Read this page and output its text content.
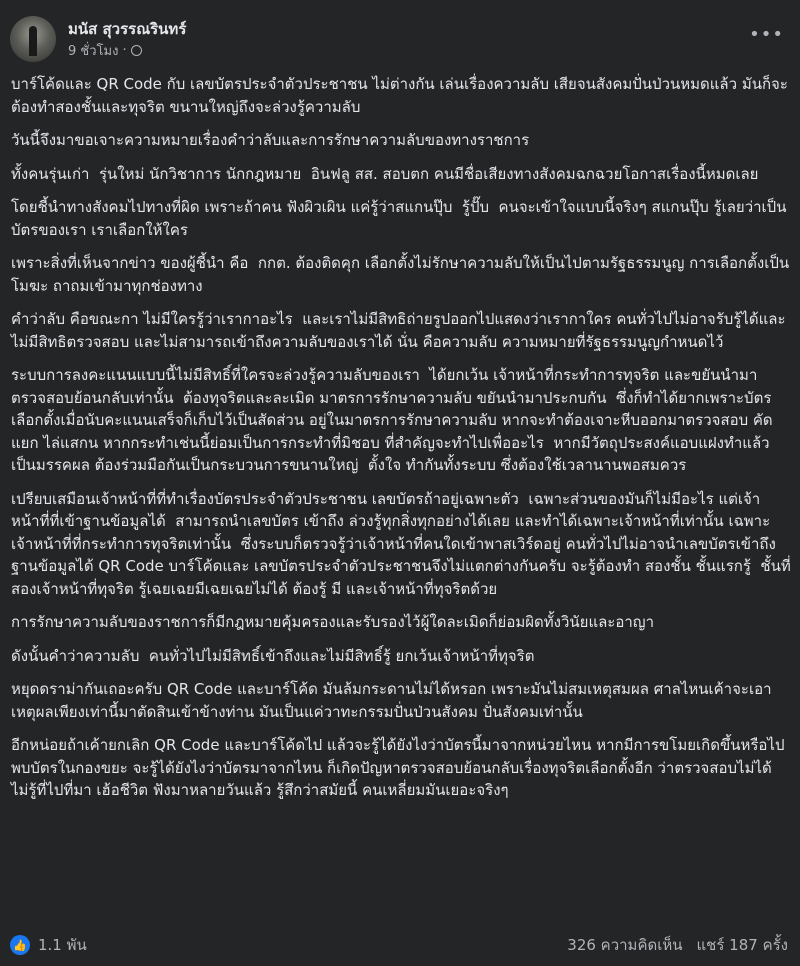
มนัส สุวรรณรินทร์
9 ชั่วโมง ·
•••

บาร์โค้ดและ QR Code กับ เลขบัตรประจำตัวประชาชน ไม่ต่างกัน เล่นเรื่องความลับ เสียจนสังคมปั่นป่วนหมดแล้ว มันก็จะต้องทำสองชั้นและทุจริต ขนานใหญ่ถึงจะล่วงรู้ความลับ ￼

วันนี้จึงมาขอเจาะความหมายเรื่องคำว่าลับและการรักษาความลับของทางราชการ ￼

ทั้งคนรุ่นเก่า  รุ่นใหม่ นักวิชาการ ￼นักกฎหมาย  อินฟลู สส. สอบตก คนมีชื่อเสียงทางสังคม￼ฉกฉวยโอกาสเรื่องนี้หมดเลย

โดยชี้นำทางสังคมไปทางที่ผิด เพราะถ้าคน ￼ฟังผิวเผิน ￼แค่รู้ว่าสแกนปุ๊บ  รู้ปั๊บ  คนจะเข้าใจแบบนี้จริงๆ สแกนปุ๊บ ￼รู้เลยว่าเป็นบัตรของเรา เราเลือกให้ใคร

เพราะสิ่งที่เห็นจากข่าว ของผู้ชี้นำ ￼คือ  กกต. ต้องติดคุก เลือกตั้งไม่รักษาความลับให้เป็นไปตามรัฐธรรมนูญ การเลือกตั้งเป็นโมฆะ ถาถมเข้ามาทุกช่องทาง ￼

คำว่าลับ คือขณะกา ไม่มีใครรู้ว่าเรากาอะไร ￼ และเราไม่มีสิทธิถ่ายรูปออกไปแสดงว่าเรากาใคร คนทั่วไปไม่อาจรับรู้ได้และไม่มีสิทธิตรวจสอบ และไม่สามารถเข้าถึงความลับของเราได้ นั่น คือความลับ ความหมายที่รัฐธรรมนูญกำหนดไว้

ระบบการลงคะแนนแบบนี้ไม่มีสิทธิ์ที่ใครจะล่วงรู้ความลับของเรา  ได้ยกเว้น เจ้าหน้าที่กระทำการทุจริต และขยันนำมาตรวจสอบย้อนกลับเท่านั้น  ต้องทุจริตและละเมิด มาตรการรักษาความลับ ขยันนำมาประกบกัน ￼ ซึ่งก็ทำได้ยากเพราะบัตรเลือกตั้งเมื่อนับคะแนนเสร็จก็เก็บไว้เป็นสัดส่วน อยู่ในมาตรการรักษาความลับ ￼หากจะทำต้องเจาะหีบออกมาตรวจสอบ คัดแยก ไล่แสกน หากกระทำเช่นนี้ย่อม￼เป็นการกระทำที่มิชอบ ที่สำคัญจะทำไปเพื่ออะไร  หากมีวัตถุประสงค์แอบแฝงทำแล้วเป็นมรรคผล ต้องร่วมมือกันเป็นกระบวนการขนานใหญ่ ￼ ตั้งใจ ทำกันทั้งระบบ ซึ่งต้องใช้เวลานานพอสมควร ￼

เปรียบเสมือนเจ้าหน้าที่ที่ทำเรื่องบัตรประจำตัวประชาชน เลขบัตรถ้าอยู่เฉพาะตัว  เฉพาะส่วนของมันก็ไม่มีอะไร แต่เจ้าหน้าที่ที่เข้าฐานข้อมูลได้  สามารถนำเลขบัตร เข้าถึง ล่วงรู้ทุกสิ่งทุกอย่างได้เลย และทำได้เฉพาะเจ้าหน้าที่เท่านั้น เฉพาะเจ้าหน้าที่ที่กระทำการทุจริตเท่านั้น ￼ ซึ่งระบบก็ตรวจรู้ว่าเจ้าหน้าที่คนใดเข้าพาสเวิร์ดอยู่ ￼คนทั่วไปไม่อาจนำเลขบัตรเข้าถึงฐานข้อมูลได้ QR Code บาร์โค้ดและ เลขบัตรประจำตัวประชาชนจึงไม่แตกต่างกันครับ จะรู้ต้องทำ สองชั้น ชั้นแรกรู้  ชั้นที่สองเจ้าหน้าที่ทุจริต รู้เฉยเฉยมีเฉยเฉยไม่ได้ ต้องรู้ มี และเจ้าหน้าที่ทุจริตด้วย￼

การรักษาความลับของราชการก็มีกฎหมายคุ้มครองและรับรองไว้ผู้ใดละเมิดก็ย่อมผิดทั้งวินัยและอาญา ￼

ดังนั้นคำว่าความลับ  คนทั่วไปไม่มีสิทธิ์เข้าถึงและไม่มีสิทธิ์รู้ ยกเว้นเจ้าหน้าที่ทุจริต

หยุดดราม่ากันเถอะครับ QR Code และบาร์โค้ด มันล้มกระดานไม่ได้หรอก เพราะมันไม่สมเหตุสมผล ศาลไหนเค้าจะเอาเหตุผลเพียงเท่านี้มาตัดสินเข้าข้างท่าน มันเป็นแค่วาทะกรรมปั่นป่วนสังคม ปั่นสังคมเท่านั้น ￼

อีกหน่อยถ้าเค้ายกเลิก QR Code และบาร์โค้ดไป ￼แล้วจะรู้ได้ยังไงว่าบัตรนี้มาจากหน่วยไหน หากมีการขโมยเกิดขึ้นหรือไปพบบัตรในกองขยะ จะรู้ได้ยังไงว่าบัตรมาจากไหน ￼ก็เกิดปัญหาตรวจสอบย้อนกลับเรื่องทุจริตเลือกตั้งอีก ว่าตรวจสอบไม่ได้ ไม่รู้ที่ไปที่มา เฮ้อชีวิต ฟังมาหลายวันแล้ว รู้สึกว่าสมัยนี้ คนเหลี่ยมมันเยอะจริงๆ ￼

👍 1.1 พัน	326 ความคิดเห็น แชร์ 187 ครั้ง
